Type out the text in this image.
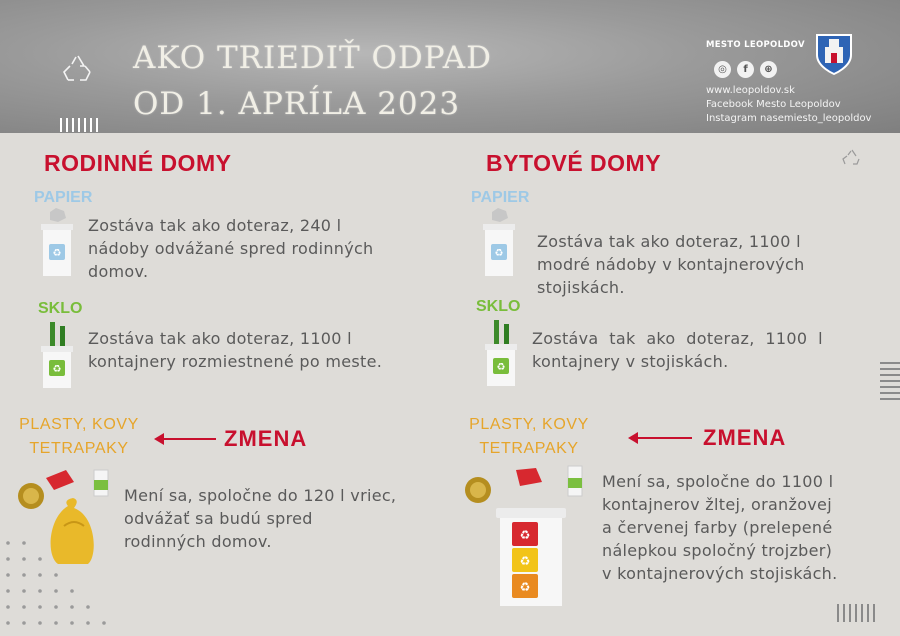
AKO TRIEDIŤ ODPAD
OD 1. APRÍLA 2023
MESTO LEOPOLDOV
◎	f	⊕
www.leopoldov.sk
Facebook Mesto Leopoldov
Instagram nasemiesto_leopoldov
RODINNÉ DOMY
PAPIER
♻
Zostáva tak ako doteraz, 240 l
nádoby odvážané spred rodinných
domov.
SKLO
♻
Zostáva tak ako doteraz, 1100 l
kontajnery rozmiestnené po meste.
PLASTY, KOVY
TETRAPAKY	ZMENA
Mení sa, spoločne do 120 l vriec,
odvážať sa budú spred
rodinných domov.
BYTOVÉ DOMY
PAPIER
♻
Zostáva tak ako doteraz, 1100 l
modré nádoby v kontajnerových
stojiskách.
SKLO
♻
Zostáva  tak  ako  doteraz,  1100  l
kontajnery v stojiskách.
PLASTY, KOVY
TETRAPAKY	ZMENA
♻
♻
♻
Mení sa, spoločne do 1100 l
kontajnerov žltej, oranžovej
a červenej farby (prelepené
nálepkou spoločný trojzber)
v kontajnerových stojiskách.
